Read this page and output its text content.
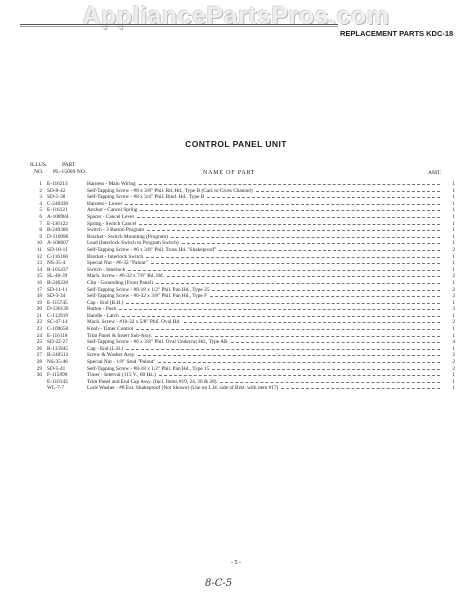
AppliancePartsPros.com
REPLACEMENT PARTS KDC-18
CONTROL PANEL UNIT
ILLUS.
NO.
PART
PL-15009 NO.	NAME OF PART	AMT.
1	E-116213	Harness - Main Wiring	1
2	SD-8-42	Self-Tapping Screw - #8 x 3/8" Phil. Rd. Hd., Type B (Cad. to Cross Channel)	1
3	SD-5-38	Self-Tapping Screw - #8 x 3/4" Phil. Bind. Hd., Type B	1
4	C-240430	Harness - Lower	1
5	E-116121	Anchor - Cancel Spring	1
6	A-108984	Spacer - Cancel Lever	1
7	E-136122	Spring - Switch Cancel	1
8	B-240386	Switch - 3 Button Program	1
9	D-110996	Bracket - Switch Mounting (Program)	1
10	A-108607	Lead (Interlock Switch to Program Switch)	1
11	SD-10-11	Self-Tapping Screw - #6 x 3/8" Phil. Truss Hd. "Shakeproof"	2
12	C-116166	Bracket - Interlock Switch	1
13	NS-35-4	Special Nut - #6-32 "Palnut"	1
14	B-105437	Switch - Interlock	1
15	SL-40-39	Mach. Screw - #6-32 x 7/8" Rd. Hd.	2
16	B-240220	Clip - Grounding (Front Panel)	1
17	SD-11-11	Self-Tapping Screw - #8-18 x 1/2" Phil. Pan Hd., Type 25	2
18	SD-3-34	Self-Tapping Screw - #6-32 x 3/8" Phil. Pan Hd., Type F	2
19	E-115745	Cap - End (R.H.)	1
20	D-136130	Button - Push	3
21	C-112919	Handle - Latch	1
22	SC-47-14	Mach. Screw - #10-32 x 5/8" Phil. Oval Hd.	2
23	C-109658	Knob - Timer Control	1
24	E-116118	Trim Panel & Insert Sub-Assy.	1
25	SD-22-27	Self-Tapping Screw - #6 x 3/8" Phil. Oval Undercut Hd., Type AB	4
26	B-115945	Cap - End (L.H.)	1
27	B-240513	Screw & Washer Assy.	2
28	NS-35-46	Special Nut - 1/8" Stud "Palnut"	2
29	SD-5-41	Self-Tapping Screw - #8-18 x 1/2" Phil. Pan Hd., Type 15	2
30	F-115999	Timer - Interval (115 V., 60 Hz.)	1
	E-116143	Trim Panel and End Cap Assy. (Incl. Items #19, 24, 26 & 28)	1
	WL-7-7	Lock Washer - #8 Ext. Shakeproof (Not Shown) (Use on L.H. side of Brkt. with item #17)	1
- 5 -
8-C-5
